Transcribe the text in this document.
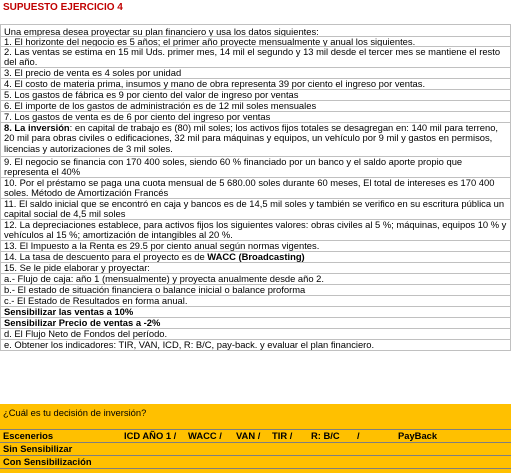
SUPUESTO EJERCICIO 4
Una empresa desea proyectar su plan financiero y usa los datos siguientes:
1. El horizonte del negocio es 5 años; el primer año proyecte mensualmente y anual los siguientes.
2. Las ventas se estima en 15 mil Uds. primer mes, 14 mil el segundo y 13 mil desde el tercer mes se mantiene el resto del año.
3. El precio de venta es 4 soles por unidad
4. El costo de materia prima, insumos y mano de obra representa 39 por ciento el ingreso por ventas.
5. Los gastos de fábrica es 9 por ciento del valor de ingreso por ventas
6. El importe de los gastos de administración es de 12 mil soles mensuales
7. Los gastos de venta es de 6 por ciento del ingreso por ventas
8. La inversión: en capital de trabajo es (80) mil soles; los activos fijos totales se desagregan en: 140 mil para terreno, 20 mil para obras civiles o edificaciones, 32 mil para máquinas y equipos, un vehículo por 9 mil y gastos en permisos, licencias y autorizaciones de 3 mil soles.
9. El negocio se financia con 170 400 soles, siendo 60 % financiado por un banco y el saldo aporte propio que representa el 40%
10. Por el préstamo se paga una cuota mensual de 5 680.00 soles durante 60 meses, El total de intereses es 170 400 soles. Método de Amortización Francés
11. El saldo inicial que se encontró en caja y bancos es de 14,5 mil soles y también se verifico en su escritura pública un capital social de 4,5 mil soles
12. La depreciaciones establece, para activos fijos los siguientes valores: obras civiles al 5 %; máquinas, equipos 10 % y vehículos al 15 %; amortización de intangibles al 20 %.
13. El Impuesto a la Renta es 29.5 por ciento anual según normas vigentes.
14. La tasa de descuento para el proyecto es de WACC (Broadcasting)
15. Se le pide elaborar y proyectar:
a.- Flujo de caja: año 1 (mensualmente) y proyecta anualmente desde año 2.
b.- El estado de situación financiera o balance inicial o balance proforma
c.- El Estado de Resultados en forma anual.
Sensibilizar las ventas a 10%
Sensibilizar Precio de ventas a -2%
d. El Flujo Neto de Fondos del período.
e. Obtener los indicadores: TIR, VAN, ICD, R: B/C, pay-back. y evaluar el plan financiero.
¿Cuál es tu decisión de inversión?
Escenerios	ICD AÑO 1 / WACC / VAN / TIR / R: B/C /	PayBack
Sin Sensibilizar
Con Sensibilización
